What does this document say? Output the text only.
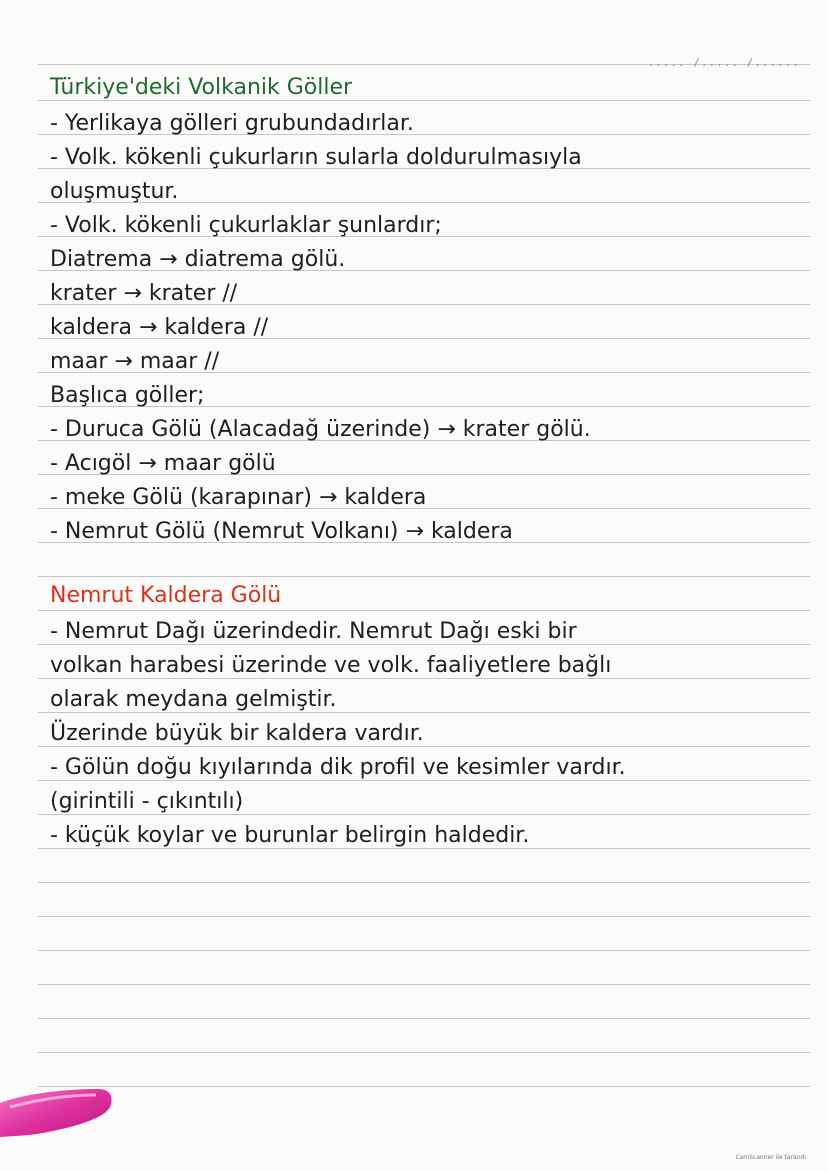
..... /..... /......
Türkiye'deki Volkanik Göller
- Yerlikaya gölleri grubundadırlar.
- Volk. kökenli çukurların sularla doldurulmasıyla
oluşmuştur.
- Volk. kökenli çukurlaklar şunlardır;
Diatrema → diatrema gölü.
krater → krater //
kaldera → kaldera //
maar → maar //
Başlıca göller;
- Duruca Gölü (Alacadağ üzerinde) → krater gölü.
- Acıgöl → maar gölü
- meke Gölü (karapınar) → kaldera
- Nemrut Gölü (Nemrut Volkanı) → kaldera
Nemrut Kaldera Gölü
- Nemrut Dağı üzerindedir. Nemrut Dağı eski bir
volkan harabesi üzerinde ve volk. faaliyetlere bağlı
olarak meydana gelmiştir.
Üzerinde büyük bir kaldera vardır.
- Gölün doğu kıyılarında dik profil ve kesimler vardır.
(girintili - çıkıntılı)
- küçük koylar ve burunlar belirgin haldedir.
CamScanner ile tarandı
